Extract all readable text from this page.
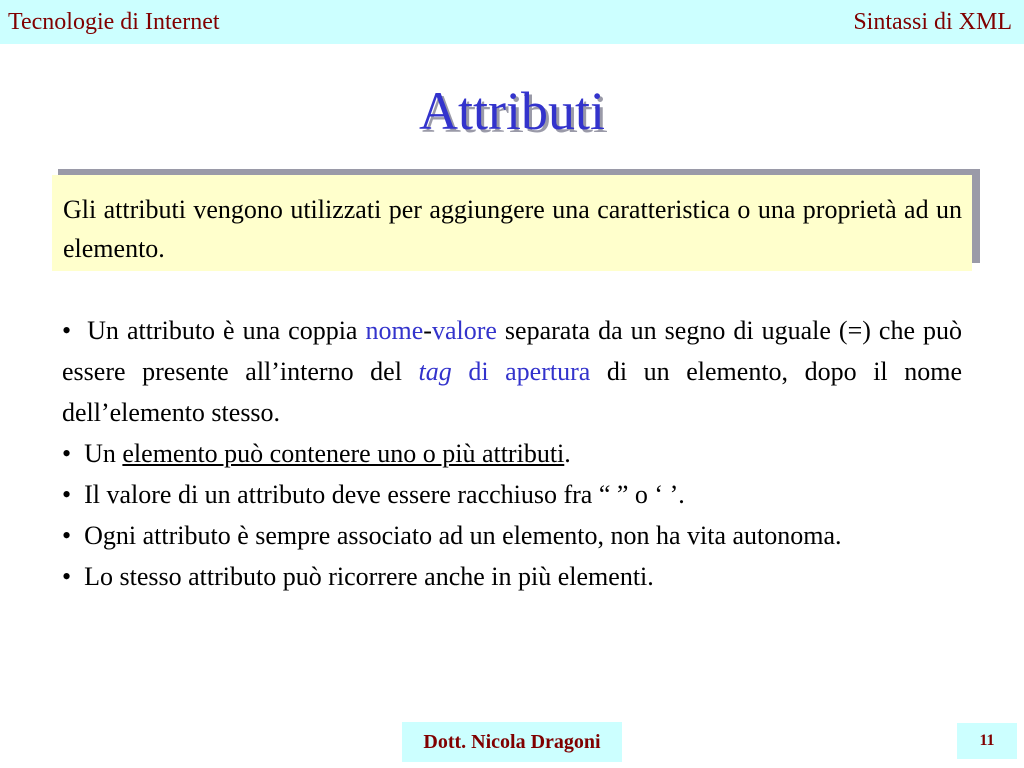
Tecnologie di Internet	Sintassi di XML
Attributi
Gli attributi vengono utilizzati per aggiungere una caratteristica o una proprietà ad un elemento.

• Un attributo è una coppia nome-valore separata da un segno di uguale (=) che può essere presente all’interno del tag di apertura di un elemento, dopo il nome dell’elemento stesso.

• Un elemento può contenere uno o più attributi.

• Il valore di un attributo deve essere racchiuso fra “ ” o ‘ ’.

• Ogni attributo è sempre associato ad un elemento, non ha vita autonoma.

• Lo stesso attributo può ricorrere anche in più elementi.

Dott. Nicola Dragoni	11
